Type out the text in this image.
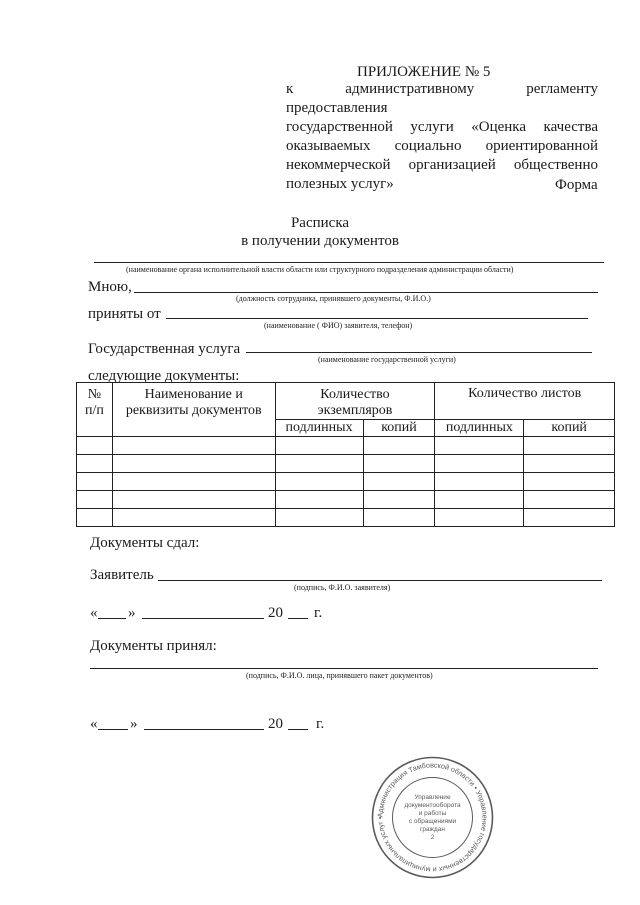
ПРИЛОЖЕНИЕ № 5
к административному регламенту предоставления
государственной услуги «Оценка качества
оказываемых социально ориентированной
некоммерческой организацией общественно
полезных услуг»	Форма
Расписка
в получении документов
(наименование органа исполнительной власти области или структурного подразделения администрации области)
Мною,
(должность сотрудника, принявшего документы, Ф.И.О.)
приняты от
(наименование ( ФИО) заявителя, телефон)
Государственная услуга
(наименование государственной услуги)
следующие документы:
№ п/п	Наименование и реквизиты документов	Количество экземпляров		Количество листов	
		подлинных	копий	подлинных	копий

Документы сдал:
Заявитель
(подпись, Ф.И.О. заявителя)
« »	20 г.
Документы принял:
(подпись, Ф.И.О. лица, принявшего пакет документов)
« »	20 г.
Администрация Тамбовской области • Управление государственных и муниципальных услуг •
Управление
документооборота
и работы
с обращениями
граждан
2
